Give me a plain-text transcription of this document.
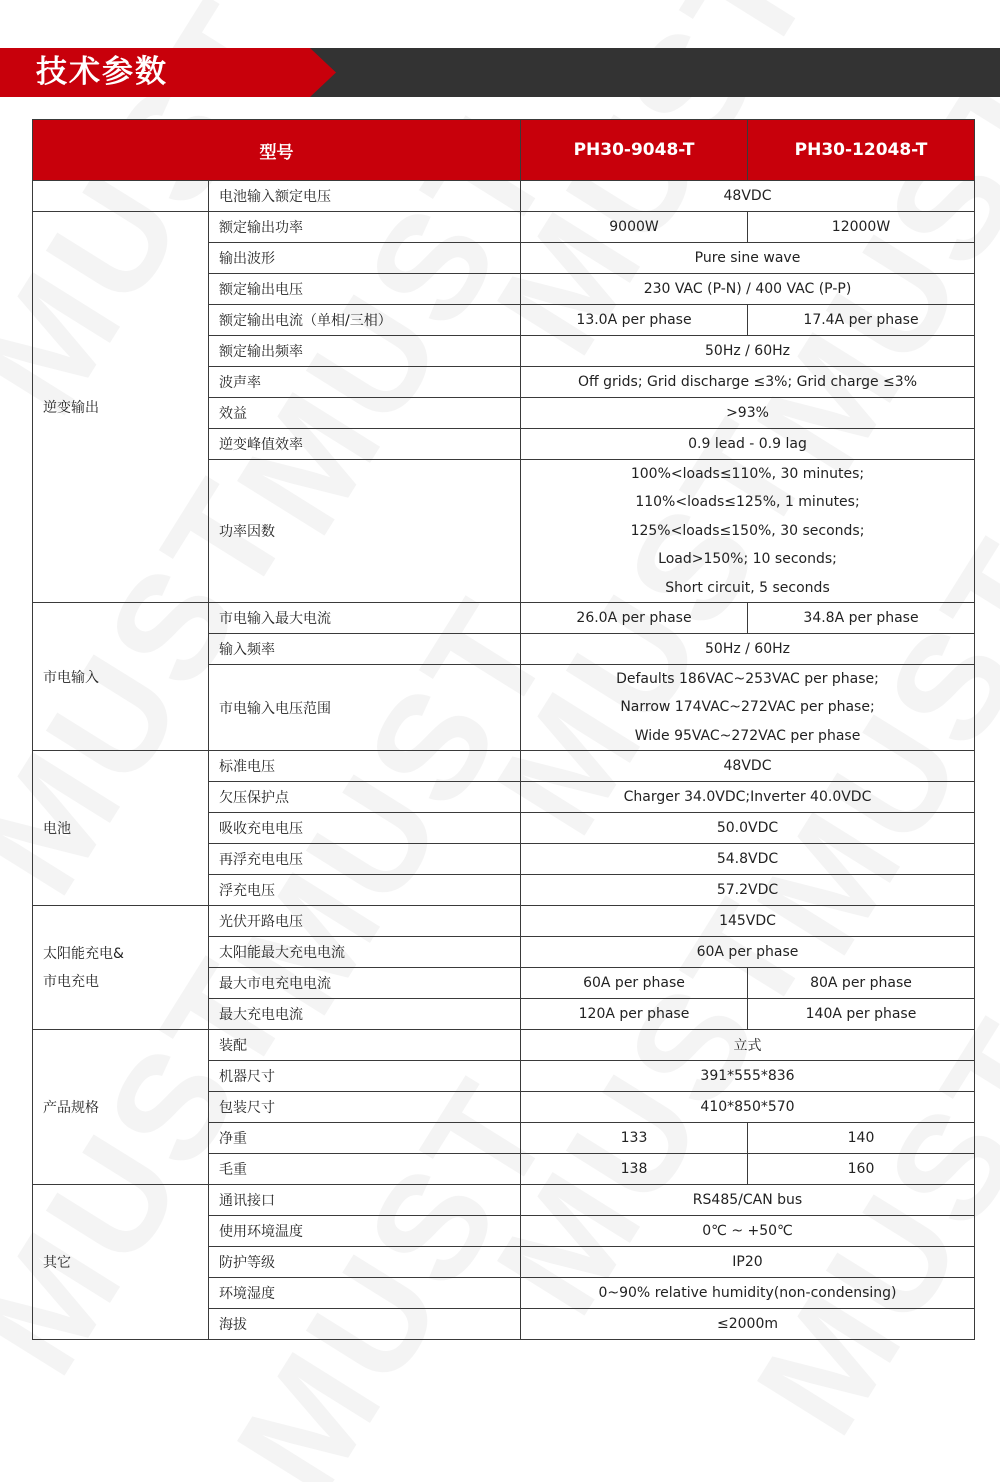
技术参数
型号		PH30-9048-T	PH30-12048-T
	电池输入额定电压	48VDC	
逆变输出	额定输出功率	9000W	12000W
	输出波形	Pure sine wave	
	额定输出电压	230 VAC (P-N) / 400 VAC (P-P)	
	额定输出电流（单相/三相）	13.0A per phase	17.4A per phase
	额定输出频率	50Hz / 60Hz	
	波声率	Off grids; Grid discharge ≤3%; Grid charge ≤3%	
	效益	>93%	
	逆变峰值效率	0.9 lead - 0.9 lag	
	功率因数	100%<loads≤110%, 30 minutes;
110%<loads≤125%, 1 minutes;
125%<loads≤150%, 30 seconds;
Load>150%; 10 seconds;
Short circuit, 5 seconds	

市电输入	市电输入最大电流	26.0A per phase	34.8A per phase
	输入频率	50Hz / 60Hz	
	市电输入电压范围	Defaults 186VAC~253VAC per phase;
Narrow 174VAC~272VAC per phase;
Wide 95VAC~272VAC per phase	

电池	标准电压	48VDC	
	欠压保护点	Charger 34.0VDC;Inverter 40.0VDC	
	吸收充电电压	50.0VDC	
	再浮充电电压	54.8VDC	
	浮充电压	57.2VDC	

太阳能充电&
市电充电	光伏开路电压	145VDC	
	太阳能最大充电电流	60A per phase	
	最大市电充电电流	60A per phase	80A per phase
	最大充电电流	120A per phase	140A per phase
产品规格	装配	立式	
	机器尺寸	391*555*836	
	包装尺寸	410*850*570	
	净重	133	140
	毛重	138	160
其它	通讯接口	RS485/CAN bus	
	使用环境温度	0℃ ~ +50℃	
	防护等级	IP20	
	环境湿度	0~90% relative humidity(non-condensing)	
	海拔	≤2000m	
